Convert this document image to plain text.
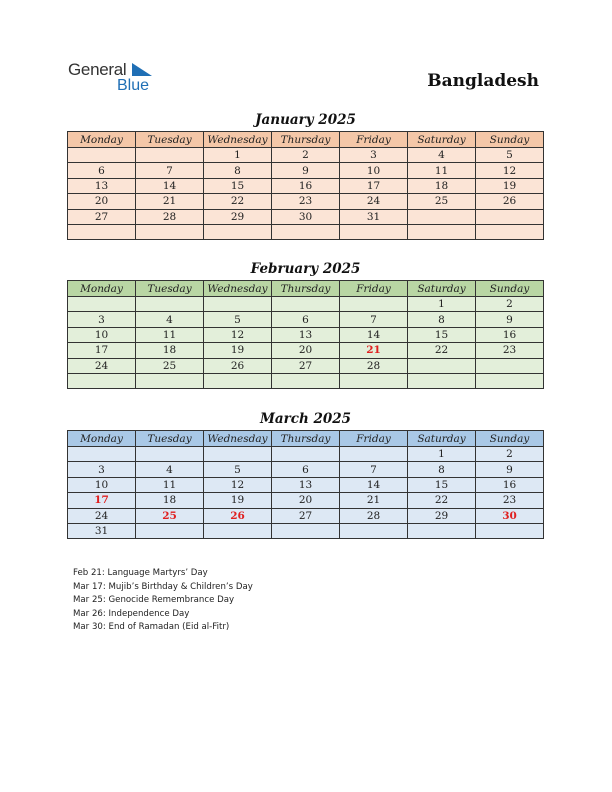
General
Blue	Bangladesh
January 2025
Monday	Tuesday	Wednesday	Thursday	Friday	Saturday	Sunday
		1	2	3	4	5
6	7	8	9	10	11	12
13	14	15	16	17	18	19
20	21	22	23	24	25	26
27	28	29	30	31		

February 2025
Monday	Tuesday	Wednesday	Thursday	Friday	Saturday	Sunday
					1	2
3	4	5	6	7	8	9
10	11	12	13	14	15	16
17	18	19	20	21	22	23
24	25	26	27	28		

March 2025
Monday	Tuesday	Wednesday	Thursday	Friday	Saturday	Sunday
					1	2
3	4	5	6	7	8	9
10	11	12	13	14	15	16
17	18	19	20	21	22	23
24	25	26	27	28	29	30
31						
Feb 21: Language Martyrs’ Day
Mar 17: Mujib’s Birthday & Children’s Day
Mar 25: Genocide Remembrance Day
Mar 26: Independence Day
Mar 30: End of Ramadan (Eid al-Fitr)
